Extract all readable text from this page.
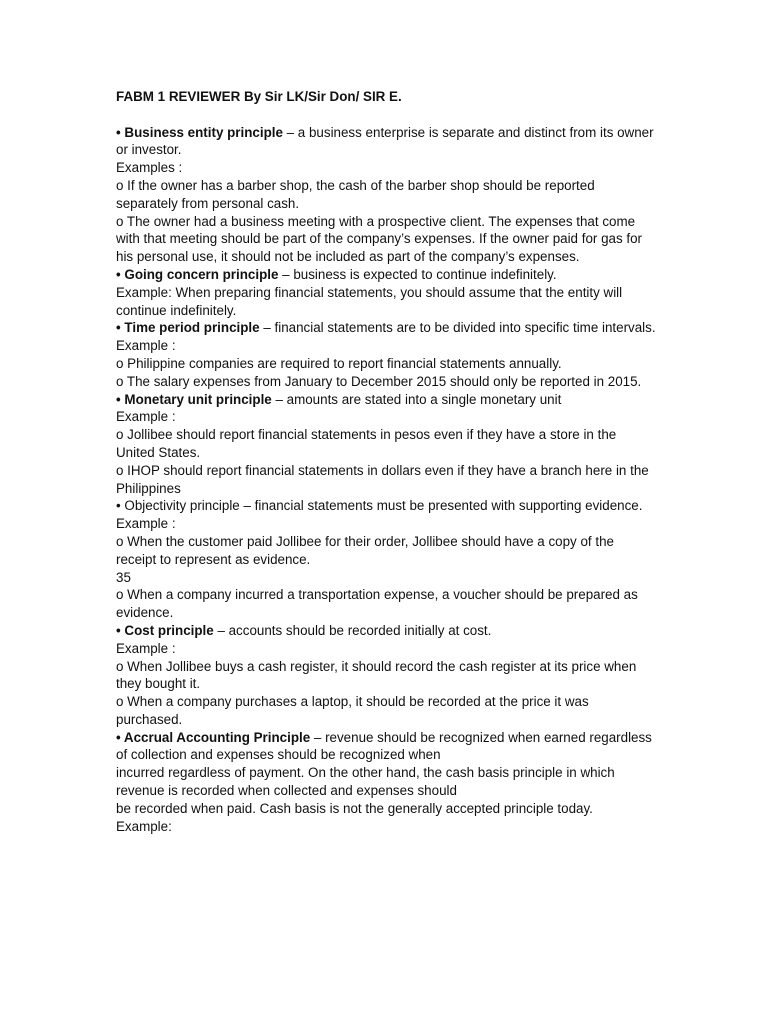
FABM 1 REVIEWER By Sir LK/Sir Don/ SIR E.
• Business entity principle – a business enterprise is separate and distinct from its owner or investor.
Examples :
o If the owner has a barber shop, the cash of the barber shop should be reported separately from personal cash.
o The owner had a business meeting with a prospective client. The expenses that come with that meeting should be part of the company’s expenses. If the owner paid for gas for his personal use, it should not be included as part of the company’s expenses.
• Going concern principle – business is expected to continue indefinitely.
Example: When preparing financial statements, you should assume that the entity will continue indefinitely.
• Time period principle – financial statements are to be divided into specific time intervals.
Example :
o Philippine companies are required to report financial statements annually.
o The salary expenses from January to December 2015 should only be reported in 2015.
• Monetary unit principle – amounts are stated into a single monetary unit
Example :
o Jollibee should report financial statements in pesos even if they have a store in the United States.
o IHOP should report financial statements in dollars even if they have a branch here in the Philippines
• Objectivity principle – financial statements must be presented with supporting evidence.
Example :
o When the customer paid Jollibee for their order, Jollibee should have a copy of the receipt to represent as evidence.
35
o When a company incurred a transportation expense, a voucher should be prepared as evidence.
• Cost principle – accounts should be recorded initially at cost.
Example :
o When Jollibee buys a cash register, it should record the cash register at its price when they bought it.
o When a company purchases a laptop, it should be recorded at the price it was purchased.
• Accrual Accounting Principle – revenue should be recognized when earned regardless of collection and expenses should be recognized when
incurred regardless of payment. On the other hand, the cash basis principle in which revenue is recorded when collected and expenses should
be recorded when paid. Cash basis is not the generally accepted principle today.
Example:
